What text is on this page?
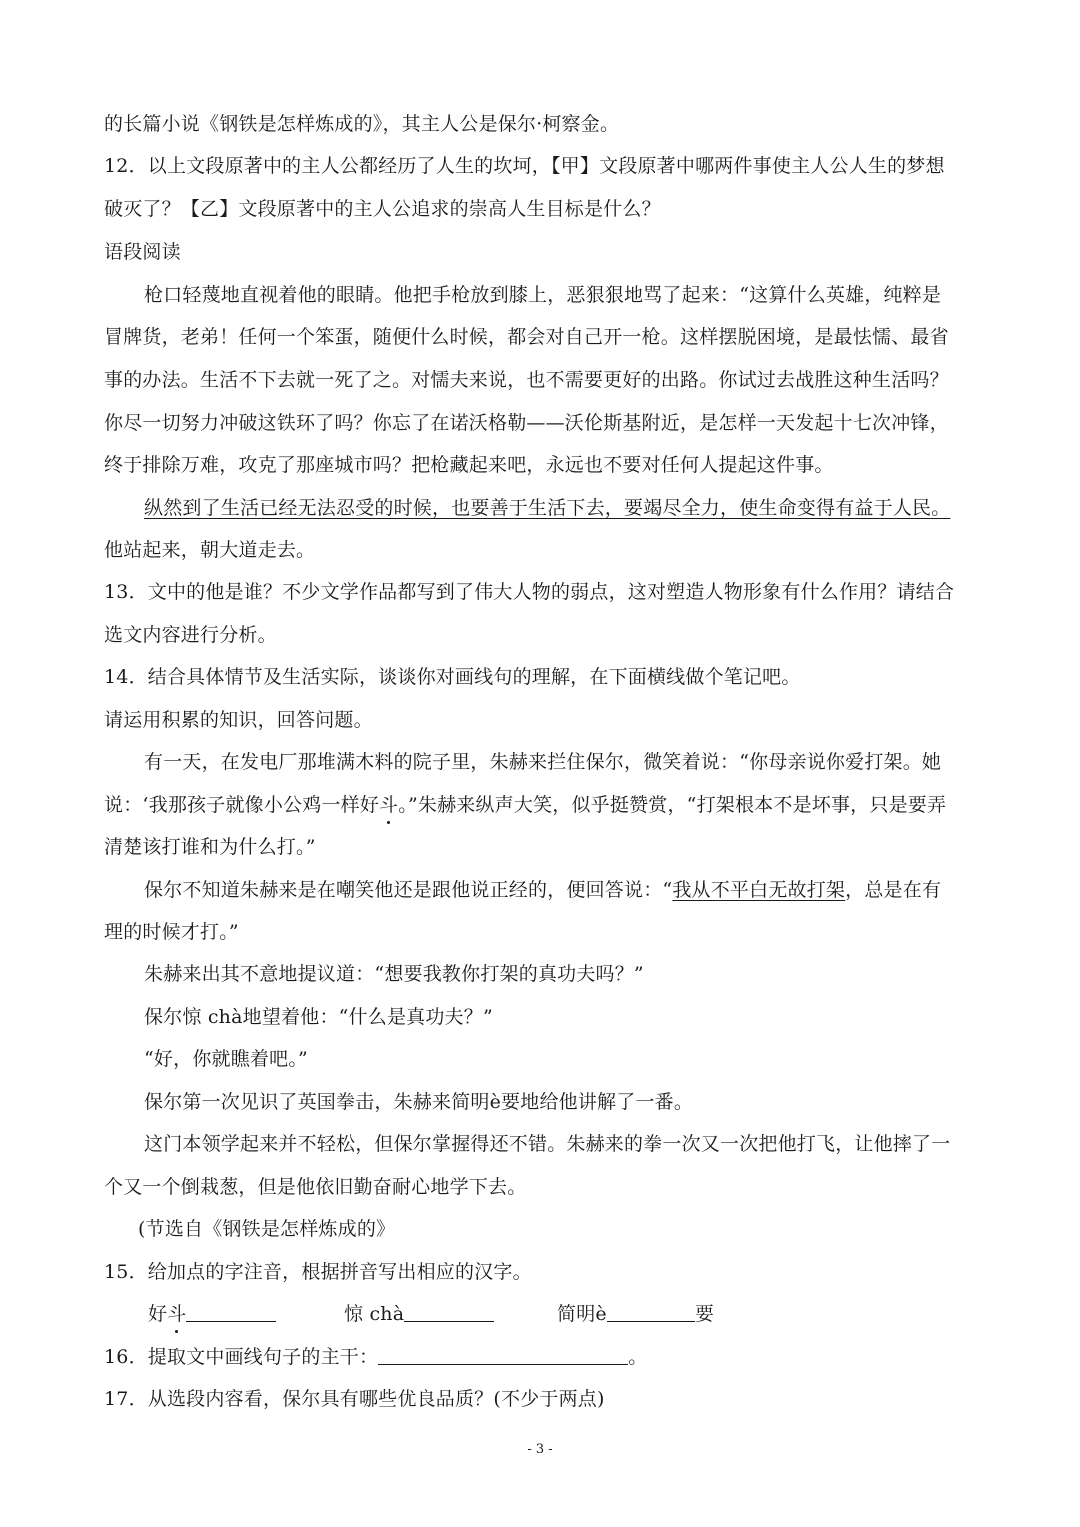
的长篇小说《钢铁是怎样炼成的》，其主人公是保尔·柯察金。
12．以上文段原著中的主人公都经历了人生的坎坷，【甲】文段原著中哪两件事使主人公人生的梦想
破灭了？【乙】文段原著中的主人公追求的崇高人生目标是什么？
语段阅读
枪口轻蔑地直视着他的眼睛。他把手枪放到膝上，恶狠狠地骂了起来：“这算什么英雄，纯粹是
冒牌货，老弟！任何一个笨蛋，随便什么时候，都会对自己开一枪。这样摆脱困境，是最怯懦、最省
事的办法。生活不下去就一死了之。对懦夫来说，也不需要更好的出路。你试过去战胜这种生活吗？
你尽一切努力冲破这铁环了吗？你忘了在诺沃格勒——沃伦斯基附近，是怎样一天发起十七次冲锋，
终于排除万难，攻克了那座城市吗？把枪藏起来吧，永远也不要对任何人提起这件事。
纵然到了生活已经无法忍受的时候，也要善于生活下去，要竭尽全力，使生命变得有益于人民。
他站起来，朝大道走去。
13．文中的他是谁？不少文学作品都写到了伟大人物的弱点，这对塑造人物形象有什么作用？请结合
选文内容进行分析。
14．结合具体情节及生活实际，谈谈你对画线句的理解，在下面横线做个笔记吧。
请运用积累的知识，回答问题。
有一天，在发电厂那堆满木料的院子里，朱赫来拦住保尔，微笑着说：“你母亲说你爱打架。她
说：‘我那孩子就像小公鸡一样好斗。”朱赫来纵声大笑，似乎挺赞赏，“打架根本不是坏事，只是要弄
清楚该打谁和为什么打。”
保尔不知道朱赫来是在嘲笑他还是跟他说正经的，便回答说：“我从不平白无故打架，总是在有
理的时候才打。”
朱赫来出其不意地提议道：“想要我教你打架的真功夫吗？”
保尔惊 chà地望着他：“什么是真功夫？”
“好，你就瞧着吧。”
保尔第一次见识了英国拳击，朱赫来简明è要地给他讲解了一番。
这门本领学起来并不轻松，但保尔掌握得还不错。朱赫来的拳一次又一次把他打飞，让他摔了一
个又一个倒栽葱，但是他依旧勤奋耐心地学下去。
(节选自《钢铁是怎样炼成的》
15．给加点的字注音，根据拼音写出相应的汉字。
好斗	惊 chà	简明è	要
16．提取文中画线句子的主干：	。
17．从选段内容看，保尔具有哪些优良品质？(不少于两点)
- 3 -
